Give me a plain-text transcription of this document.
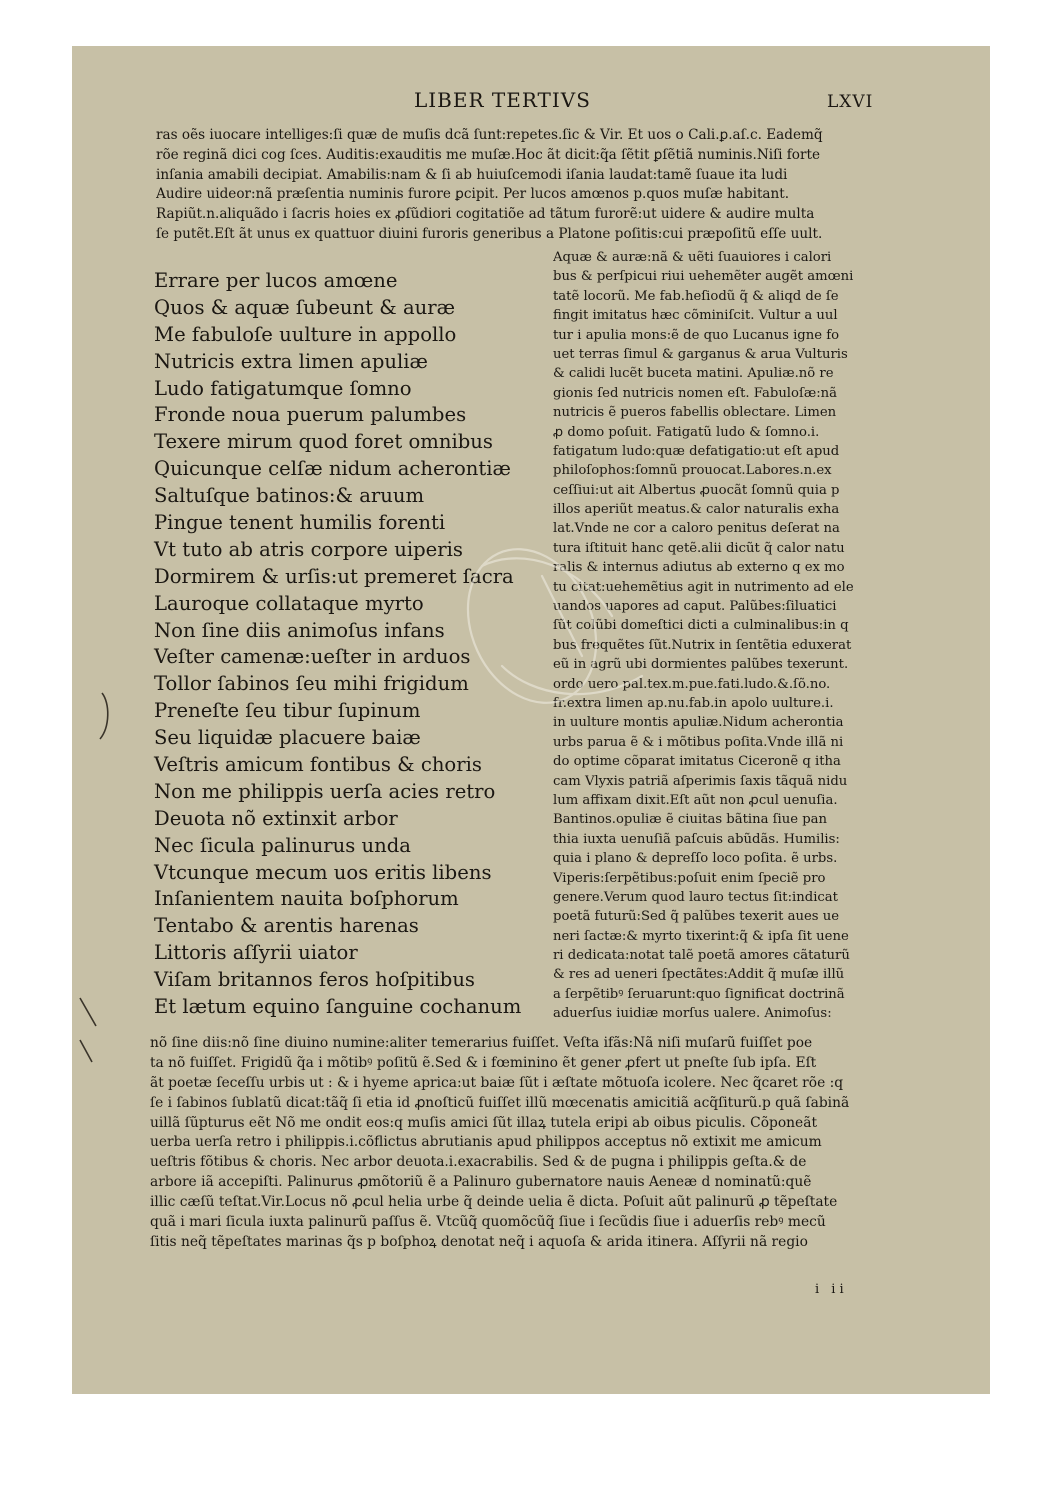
LIBER TERTIVS	LXVI
ras oẽs iuocare intelliges:ſi quæ de muſis dcã ſunt:repetes.ſic & Vir. Et uos o Cali.ꝑ.aſ.c. Eademq̃
rõe reginã dici cog ſces. Auditis:exauditis me muſæ.Hoc ãt dicit:q̃a ſẽtit ꝑſẽtiã numinis.Niſi forte
inſania amabili decipiat. Amabilis:nam & ſi ab huiuſcemodi iſania laudat:tamẽ ſuaue ita ludi
Audire uideor:nã præſentia numinis furore ꝑcipit. Per lucos amœnos p.quos muſæ habitant.
Rapiũt.n.aliquãdo i ſacris hoies ex ꝓſũdiori cogitatiõe ad tãtum furorẽ:ut uidere & audire multa
ſe putẽt.Eſt ãt unus ex quattuor diuini furoris generibus a Platone poſitis:cui præpoſitũ eſſe uult.
Errare per lucos amœne
Quos & aquæ ſubeunt & auræ
Me fabuloſe uulture in appollo
Nutricis extra limen apuliæ
Ludo fatigatumque ſomno
Fronde noua puerum palumbes
Texere mirum quod foret omnibus
Quicunque celſæ nidum acherontiæ
Saltuſque batinos:& aruum
Pingue tenent humilis forenti
Vt tuto ab atris corpore uiperis
Dormirem & urſis:ut premeret ſacra
Lauroque collataque myrto
Non ſine diis animoſus infans
Veſter camenæ:ueſter in arduos
Tollor ſabinos ſeu mihi frigidum
Preneſte ſeu tibur ſupinum
Seu liquidæ placuere baiæ
Veſtris amicum fontibus & choris
Non me philippis uerſa acies retro
Deuota nõ extinxit arbor
Nec ſicula palinurus unda
Vtcunque mecum uos eritis libens
Inſanientem nauita boſphorum
Tentabo & arentis harenas
Littoris aſſyrii uiator
Viſam britannos feros hoſpitibus
Et lætum equino ſanguine cochanum
Aquæ & auræ:nã & uẽti ſuauiores i calori
bus & perſpicui riui uehemẽter augẽt amœni
tatẽ locorũ. Me fab.heſiodũ q̃ & aliqd de ſe
fingit imitatus hæc cõminiſcit. Vultur a uul
tur i apulia mons:ẽ de quo Lucanus igne fo
uet terras ſimul & garganus & arua Vulturis
& calidi lucẽt buceta matini. Apuliæ.nõ re
gionis ſed nutricis nomen eſt. Fabuloſæ:nã
nutricis ẽ pueros fabellis oblectare. Limen
ꝓ domo poſuit. Fatigatũ ludo & ſomno.i.
fatigatum ludo:quæ defatigatio:ut eſt apud
philoſophos:ſomnũ prouocat.Labores.n.ex
ceſſiui:ut ait Albertus ꝓuocãt ſomnũ quia p
illos aperiũt meatus.& calor naturalis exha
lat.Vnde ne cor a caloro penitus deſerat na
tura iſtituit hanc qetẽ.alii dicũt q̃ calor natu
ralis & internus adiutus ab externo q ex mo
tu citat:uehemẽtius agit in nutrimento ad ele
uandos uapores ad caput. Palũbes:ſiluatici
ſũt colũbi domeſtici dicti a culminalibus:in q
bus frequẽtes ſũt.Nutrix in ſentẽtia eduxerat
eũ in agrũ ubi dormientes palũbes texerunt.
ordo uero pal.tex.m.pue.fati.ludo.&.ſõ.no.
fr.extra limen ap.nu.fab.in apolo uulture.i.
in uulture montis apuliæ.Nidum acherontia
urbs parua ẽ & i mõtibus poſita.Vnde illã ni
do optime cõparat imitatus Ciceronẽ q itha
cam Vlyxis patriã aſperimis ſaxis tãquã nidu
lum affixam dixit.Eſt aũt non ꝓcul uenuſia.
Bantinos.opuliæ ẽ ciuitas bãtina ſiue pan
thia iuxta uenuſiã paſcuis abũdãs. Humilis:
quia i plano & depreſſo loco poſita. ẽ urbs.
Viperis:ſerpẽtibus:poſuit enim ſpeciẽ pro
genere.Verum quod lauro tectus ſit:indicat
poetã futurũ:Sed q̃ palũbes texerit aues ue
neri ſactæ:& myrto tixerint:q̃ & ipſa ſit uene
ri dedicata:notat talẽ poetã amores cãtaturũ
& res ad ueneri ſpectãtes:Addit q̃ muſæ illũ
a ſerpẽtibꝰ ſeruarunt:quo ſignificat doctrinã
aduerſus iuidiæ morſus ualere. Animoſus:
nõ ſine diis:nõ ſine diuino numine:aliter temerarius fuiſſet. Veſta ifãs:Nã niſi muſarũ fuiſſet poe
ta nõ fuiſſet. Frigidũ q̃a i mõtibꝰ poſitũ ẽ.Sed & i fœminino ẽt gener ꝓfert ut pneſte ſub ipſa. Eſt
ãt poetæ ſeceſſu urbis ut : & i hyeme aprica:ut baiæ ſũt i æſtate mõtuoſa icolere. Nec q̃caret rõe :q
ſe i ſabinos ſublatũ dicat:tãq̃ ſi etia id ꝓnoſticũ fuiſſet illũ mœcenatis amicitiã acq̃ſiturũ.p quã ſabinã
uillã ſũpturus eẽt Nõ me ondit eos:q muſis amici ſũt illaꝝ tutela eripi ab oibus piculis. Cõponeãt
uerba uerſa retro i philippis.i.cõflictus abrutianis apud philippos acceptus nõ extixit me amicum
ueſtris fõtibus & choris. Nec arbor deuota.i.exacrabilis. Sed & de pugna i philippis geſta.& de
arbore iã accepiſti. Palinurus ꝓmõtoriũ ẽ a Palinuro gubernatore nauis Aeneæ d nominatũ:quẽ
illic cæſũ teſtat.Vir.Locus nõ ꝓcul helia urbe q̃ deinde uelia ẽ dicta. Poſuit aũt palinurũ ꝓ tẽpeſtate
quã i mari ſicula iuxta palinurũ paſſus ẽ. Vtcũq̃ quomõcũq̃ ſiue i ſecũdis ſiue i aduerſis rebꝰ mecũ
ſitis neq̃ tẽpeſtates marinas q̃s p boſphoꝝ denotat neq̃ i aquoſa & arida itinera. Aſſyrii nã regio
i ii
